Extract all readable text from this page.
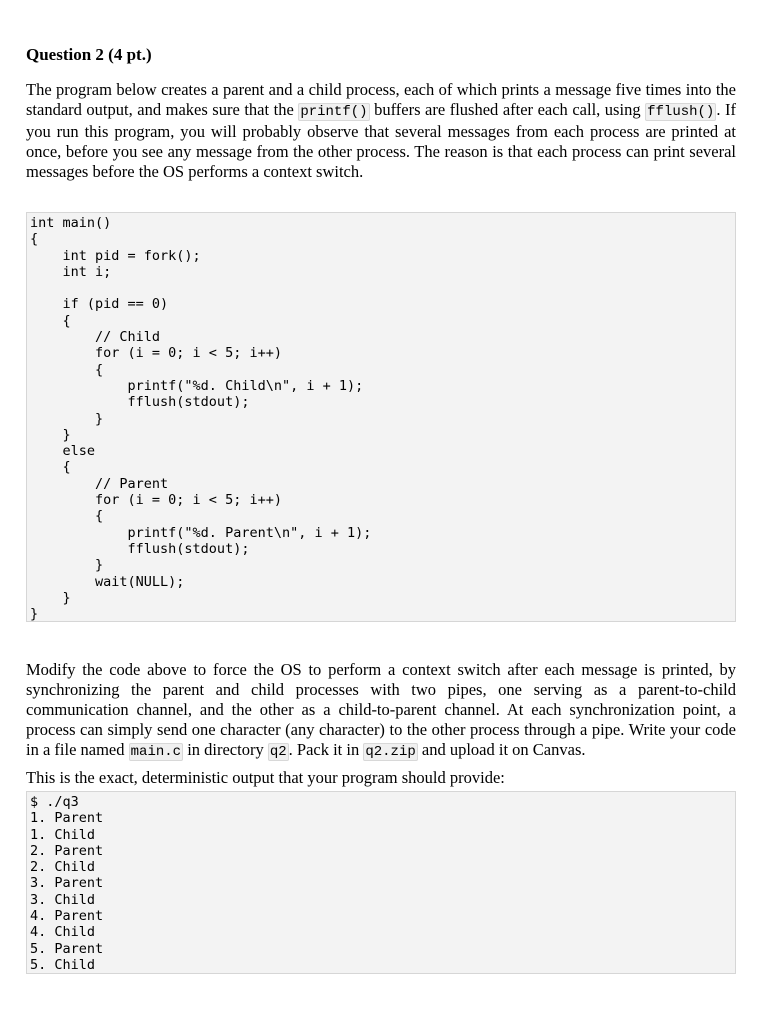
Question 2 (4 pt.)

The program below creates a parent and a child process, each of which prints a message five times into the standard output, and makes sure that the printf() buffers are flushed after each call, using fflush() . If you run this program, you will probably observe that several messages from each process are printed at once, before you see any message from the other process. The reason is that each process can print several messages before the OS performs a context switch.

int main()
{
int pid = fork();
int i;
if (pid == 0)
{
// Child
for (i = 0; i < 5; i++)
{
printf("%d. Child\n", i + 1);
fflush(stdout);
}
}
else
{
// Parent
for (i = 0; i < 5; i++)
{
printf("%d. Parent\n", i + 1);
fflush(stdout);
}
wait(NULL);
}
}

Modify the code above to force the OS to perform a context switch after each message is printed, by synchronizing the parent and child processes with two pipes, one serving as a parent-to-child communication channel, and the other as a child-to-parent channel. At each synchronization point, a process can simply send one character (any character) to the other process through a pipe. Write your code in a file named main.c in directory q2 . Pack it in q2.zip and upload it on Canvas.

This is the exact, deterministic output that your program should provide:

$ ./q3
1. Parent
1. Child
2. Parent
2. Child
3. Parent
3. Child
4. Parent
4. Child
5. Parent
5. Child
